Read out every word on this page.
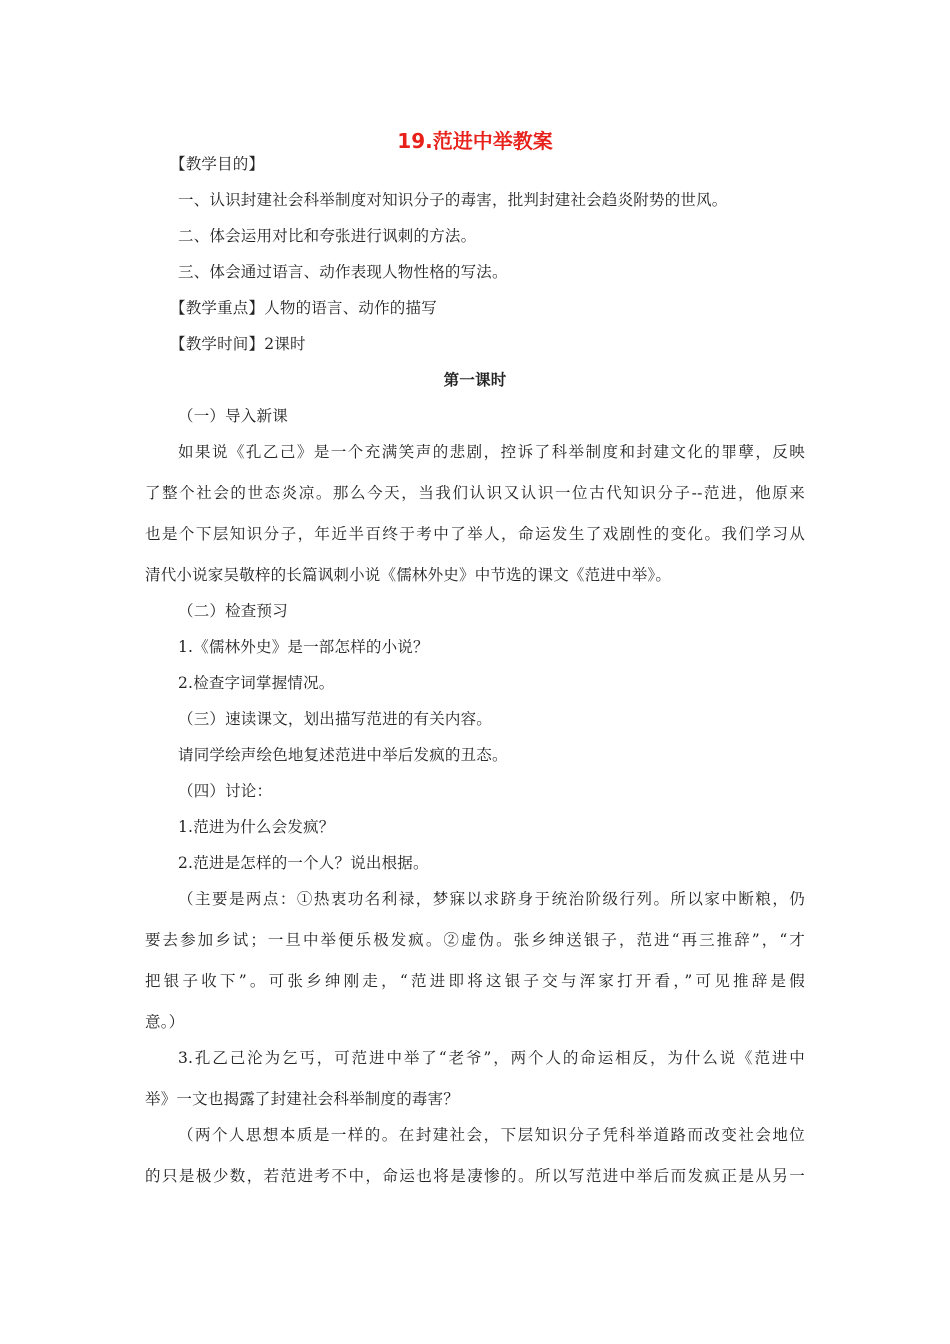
19.范进中举教案
【教学目的】
一、认识封建社会科举制度对知识分子的毒害，批判封建社会趋炎附势的世风。
二、体会运用对比和夸张进行讽刺的方法。
三、体会通过语言、动作表现人物性格的写法。
【教学重点】人物的语言、动作的描写
【教学时间】2课时
第一课时
（一）导入新课
如果说《孔乙己》是一个充满笑声的悲剧，控诉了科举制度和封建文化的罪孽，反映
了整个社会的世态炎凉。那么今天，当我们认识又认识一位古代知识分子--范进，他原来
也是个下层知识分子，年近半百终于考中了举人，命运发生了戏剧性的变化。我们学习从
清代小说家吴敬梓的长篇讽刺小说《儒林外史》中节选的课文《范进中举》。
（二）检查预习
1.《儒林外史》是一部怎样的小说？
2.检查字词掌握情况。
（三）速读课文，划出描写范进的有关内容。
请同学绘声绘色地复述范进中举后发疯的丑态。
（四）讨论：
1.范进为什么会发疯？
2.范进是怎样的一个人？说出根据。
（主要是两点：①热衷功名利禄，梦寐以求跻身于统治阶级行列。所以家中断粮，仍
要去参加乡试；一旦中举便乐极发疯。②虚伪。张乡绅送银子，范进“再三推辞”，“才
把银子收下”。可张乡绅刚走，“范进即将这银子交与浑家打开看，”可见推辞是假
意。）
3.孔乙己沦为乞丐，可范进中举了“老爷”，两个人的命运相反，为什么说《范进中
举》一文也揭露了封建社会科举制度的毒害？
（两个人思想本质是一样的。在封建社会，下层知识分子凭科举道路而改变社会地位
的只是极少数，若范进考不中，命运也将是凄惨的。所以写范进中举后而发疯正是从另一
